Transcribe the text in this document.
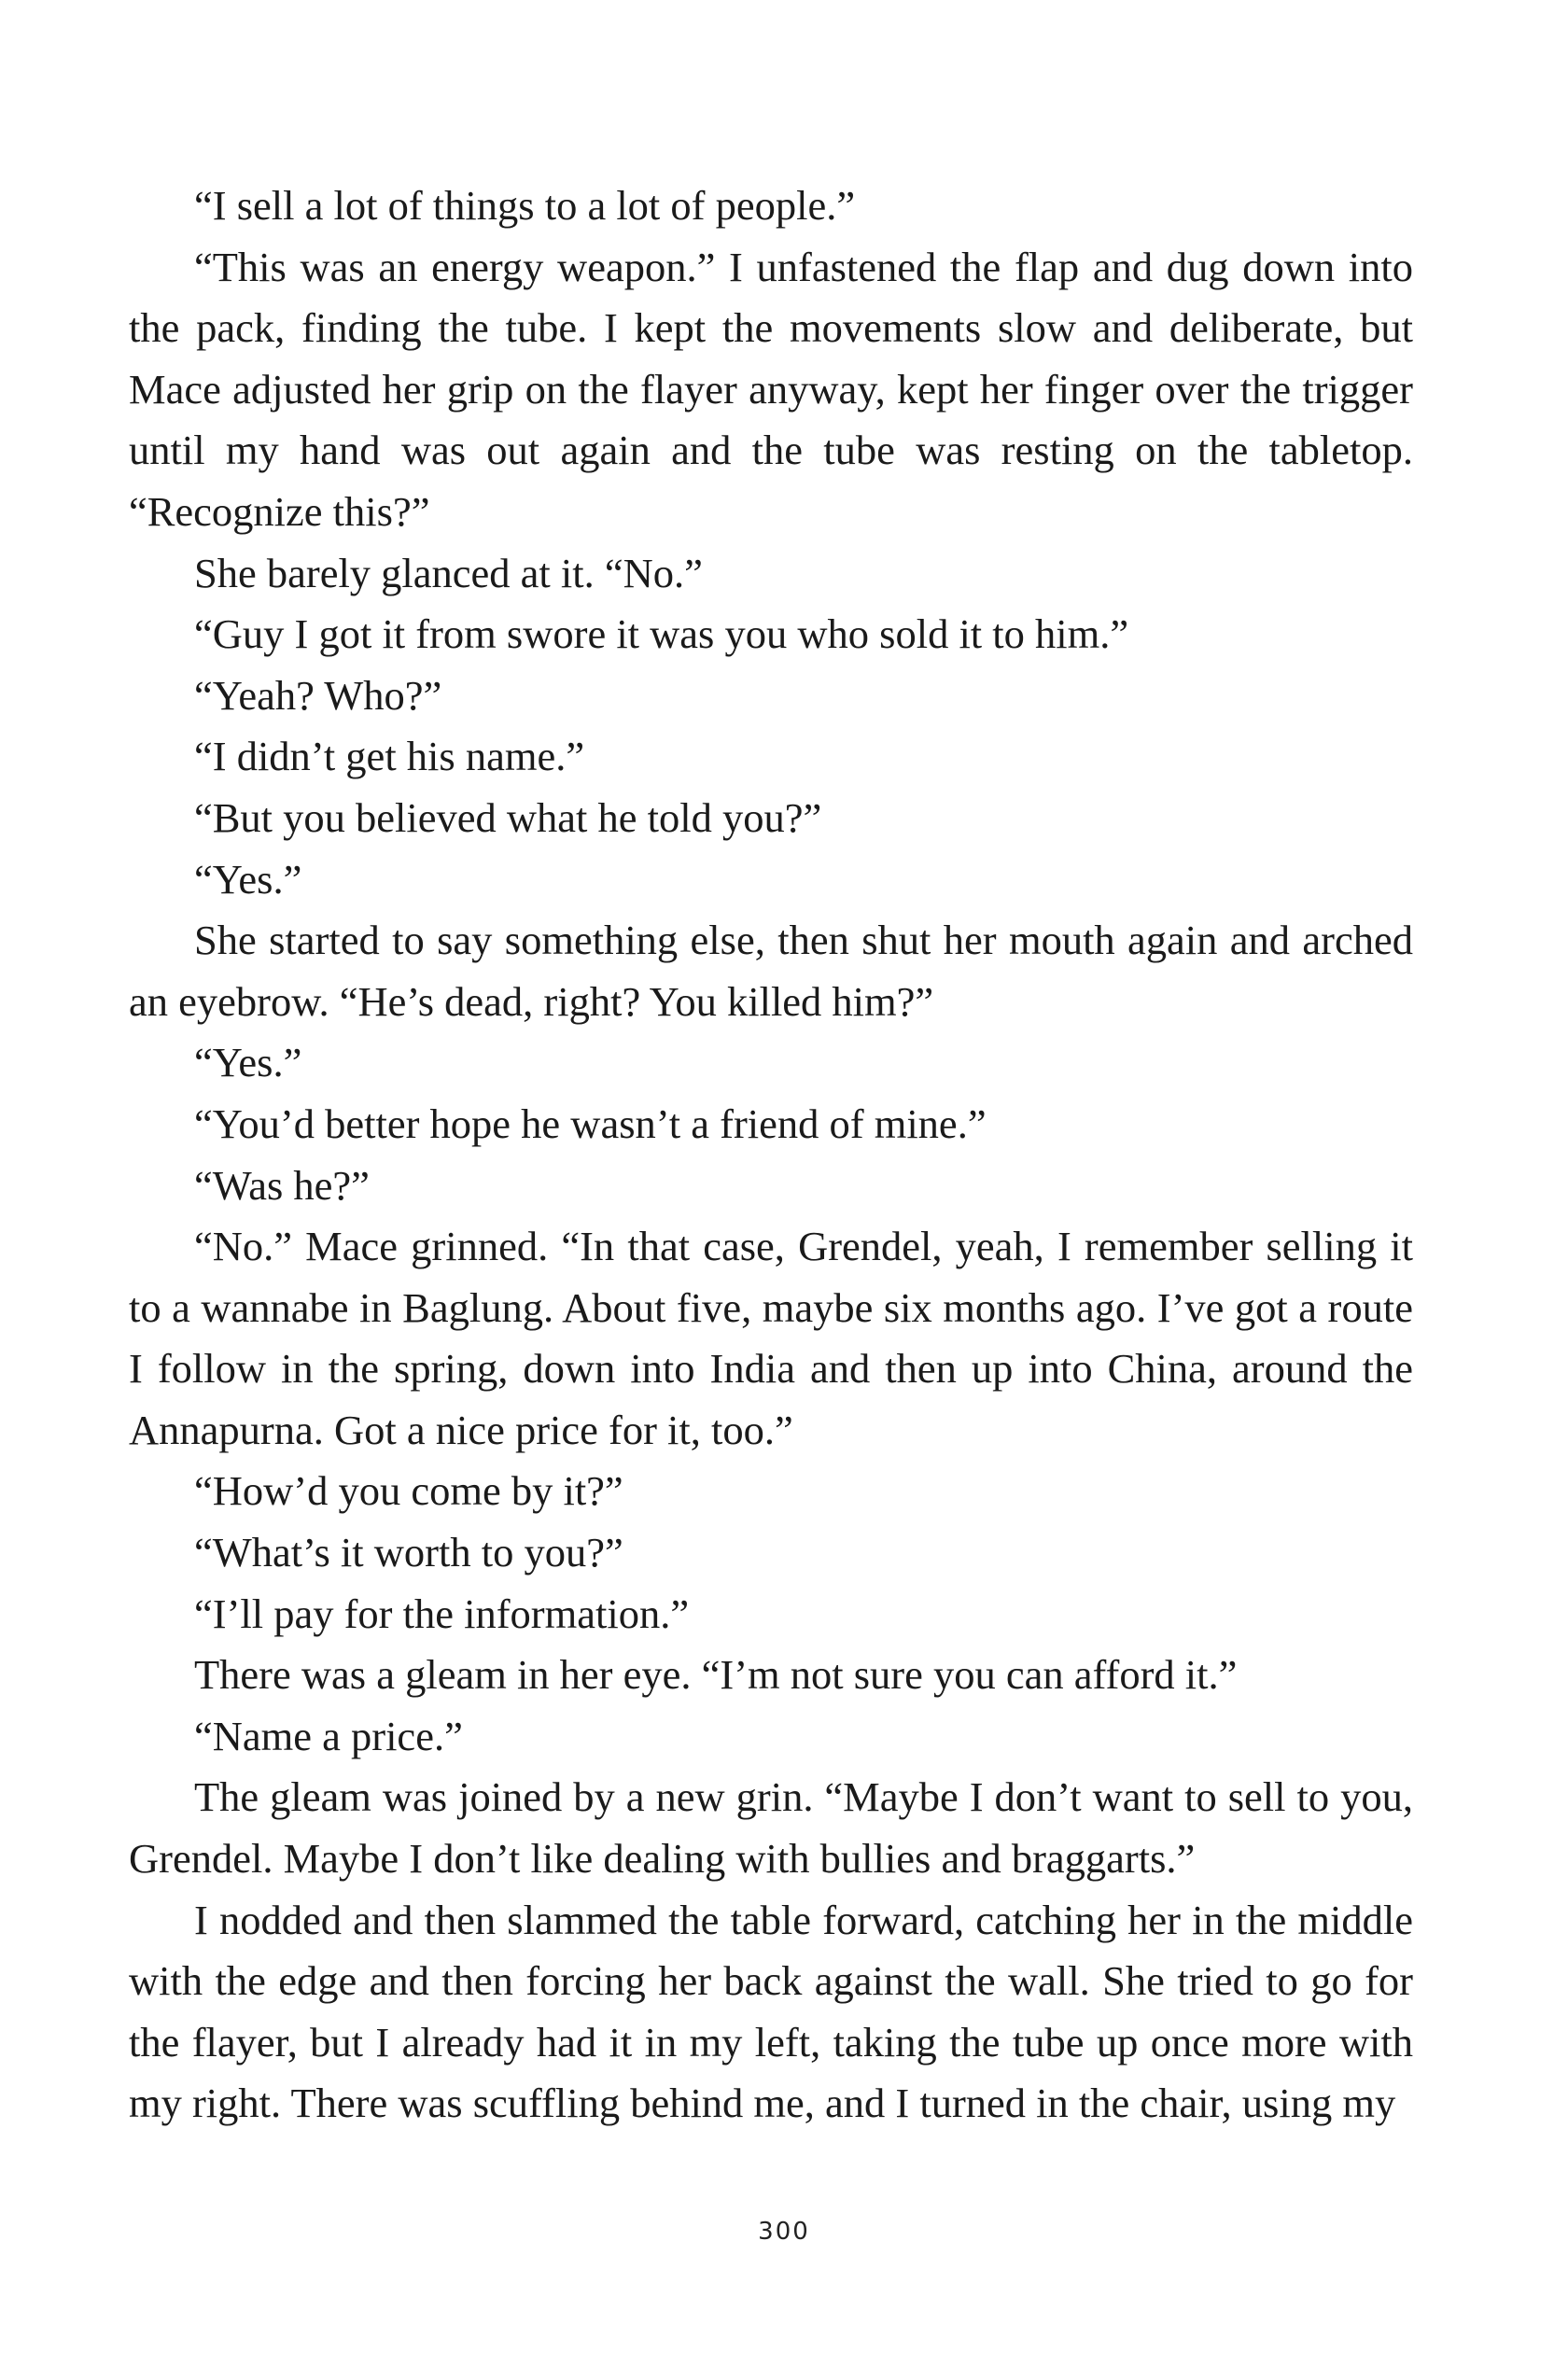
“I sell a lot of things to a lot of people.”

“This was an energy weapon.” I unfastened the flap and dug down into the pack, finding the tube. I kept the movements slow and deliberate, but Mace adjusted her grip on the flayer anyway, kept her finger over the trigger until my hand was out again and the tube was resting on the tabletop. “Recognize this?”

She barely glanced at it. “No.”

“Guy I got it from swore it was you who sold it to him.”

“Yeah? Who?”

“I didn’t get his name.”

“But you believed what he told you?”

“Yes.”

She started to say something else, then shut her mouth again and arched an eyebrow. “He’s dead, right? You killed him?”

“Yes.”

“You’d better hope he wasn’t a friend of mine.”

“Was he?”

“No.” Mace grinned. “In that case, Grendel, yeah, I remember selling it to a wannabe in Baglung. About five, maybe six months ago. I’ve got a route I follow in the spring, down into India and then up into China, around the Annapurna. Got a nice price for it, too.”

“How’d you come by it?”

“What’s it worth to you?”

“I’ll pay for the information.”

There was a gleam in her eye. “I’m not sure you can afford it.”

“Name a price.”

The gleam was joined by a new grin. “Maybe I don’t want to sell to you, Grendel. Maybe I don’t like dealing with bullies and braggarts.”

I nodded and then slammed the table forward, catching her in the middle with the edge and then forcing her back against the wall. She tried to go for the flayer, but I already had it in my left, taking the tube up once more with my right. There was scuffling behind me, and I turned in the chair, using my

300
